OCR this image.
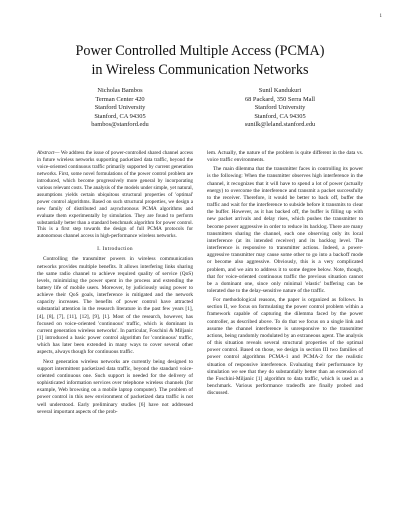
1
Power Controlled Multiple Access (PCMA)
in Wireless Communication Networks
Nicholas Bambos
Terman Center 420
Stanford University
Stanford, CA 94305
bambos@stanford.edu
Sunil Kandukuri
68 Packard, 350 Serra Mall
Stanford University
Stanford, CA 94305
sunilk@leland.stanford.edu

Abstract— We address the issue of power-controlled shared channel access in future wireless networks supporting packetized data traffic, beyond the voice-oriented continuous traffic primarily supported by current generation networks. First, some novel formulations of the power control problem are introduced, which become progressively more general by incorporating various relevant costs. The analysis of the models under simple, yet natural, assumptions yields certain ubiquitous structural properties of 'optimal' power control algorithms. Based on such structural properties, we design a new family of distributed and asynchronous PCMA algorithms and evaluate them experimentally by simulation. They are found to perform substantially better than a standard benchmark algorithm for power control. This is a first step towards the design of full PCMA protocols for autonomous channel access in high-performance wireless networks.

I. Introduction

Controlling the transmitter powers in wireless communication networks provides multiple benefits. It allows interfering links sharing the same radio channel to achieve required quality of service (QoS) levels, minimizing the power spent in the process and extending the battery life of mobile users. Moreover, by judiciously using power to achieve their QoS goals, interference is mitigated and the network capacity increases. The benefits of power control have attracted substantial attention in the research literature in the past few years [1], [4], [8], [7], [11], [12], [9], [1]. Most of the research, however, has focused on voice-oriented 'continuous' traffic, which is dominant in current generation wireless networks'. In particular, Foschini & Miljanic [1] introduced a basic power control algorithm for 'continuous' traffic, which has later been extended in many ways to cover several other aspects, always though for continuous traffic.

Next generation wireless networks are currently being designed to support intermittent packetized data traffic, beyond the standard voice-oriented continuous one. Such support is needed for the delivery of sophisticated information services over telephone wireless channels (for example, Web browsing on a mobile laptop computer). The problem of power control in this new environment of packetized data traffic is not well understood. Early preliminary studies [6] have not addressed several important aspects of the prob-

lem. Actually, the nature of the problem is quite different in the data vs. voice traffic environments.

The main dilemma that the transmitter faces in controlling its power is the following: When the transmitter observes high interference in the channel, it recognizes that it will have to spend a lot of power (actually energy) to overcome the interference and transmit a packet successfully to the receiver. Therefore, it would be better to back off, buffer the traffic and wait for the interference to subside before it transmits to clear the buffer. However, as it has backed off, the buffer is filling up with new packet arrivals and delay rises, which pushes the transmitter to become power aggressive in order to reduce its backlog. There are many transmitters sharing the channel, each one observing only its local interference (at its intended receiver) and its backlog level. The interference is responsive to transmitter actions. Indeed, a power-aggressive transmitter may cause some other to go into a backoff mode or become also aggressive. Obviously, this is a very complicated problem, and we aim to address it to some degree below. Note, though, that for voice-oriented continuous traffic the previous situation cannot be a dominant one, since only minimal 'elastic' buffering can be tolerated due to the delay-sensitive nature of the traffic.

For methodological reasons, the paper is organized as follows. In section II, we focus on formulating the power control problem within a framework capable of capturing the dilemma faced by the power controller, as described above. To do that we focus on a single link and assume the channel interference is unresponsive to the transmitter actions, being randomly modulated by an extraneous agent. The analysis of this situation reveals several structural properties of the optimal power control. Based on those, we design in section III two families of power control algorithms PCMA-1 and PCMA-2 for the realistic situation of responsive interference. Evaluating their performance by simulation we see that they do substantially better than an extension of the Foschini-Miljanic [1] algorithm to data traffic, which is used as a benchmark. Various performance tradeoffs are finally probed and discussed.
